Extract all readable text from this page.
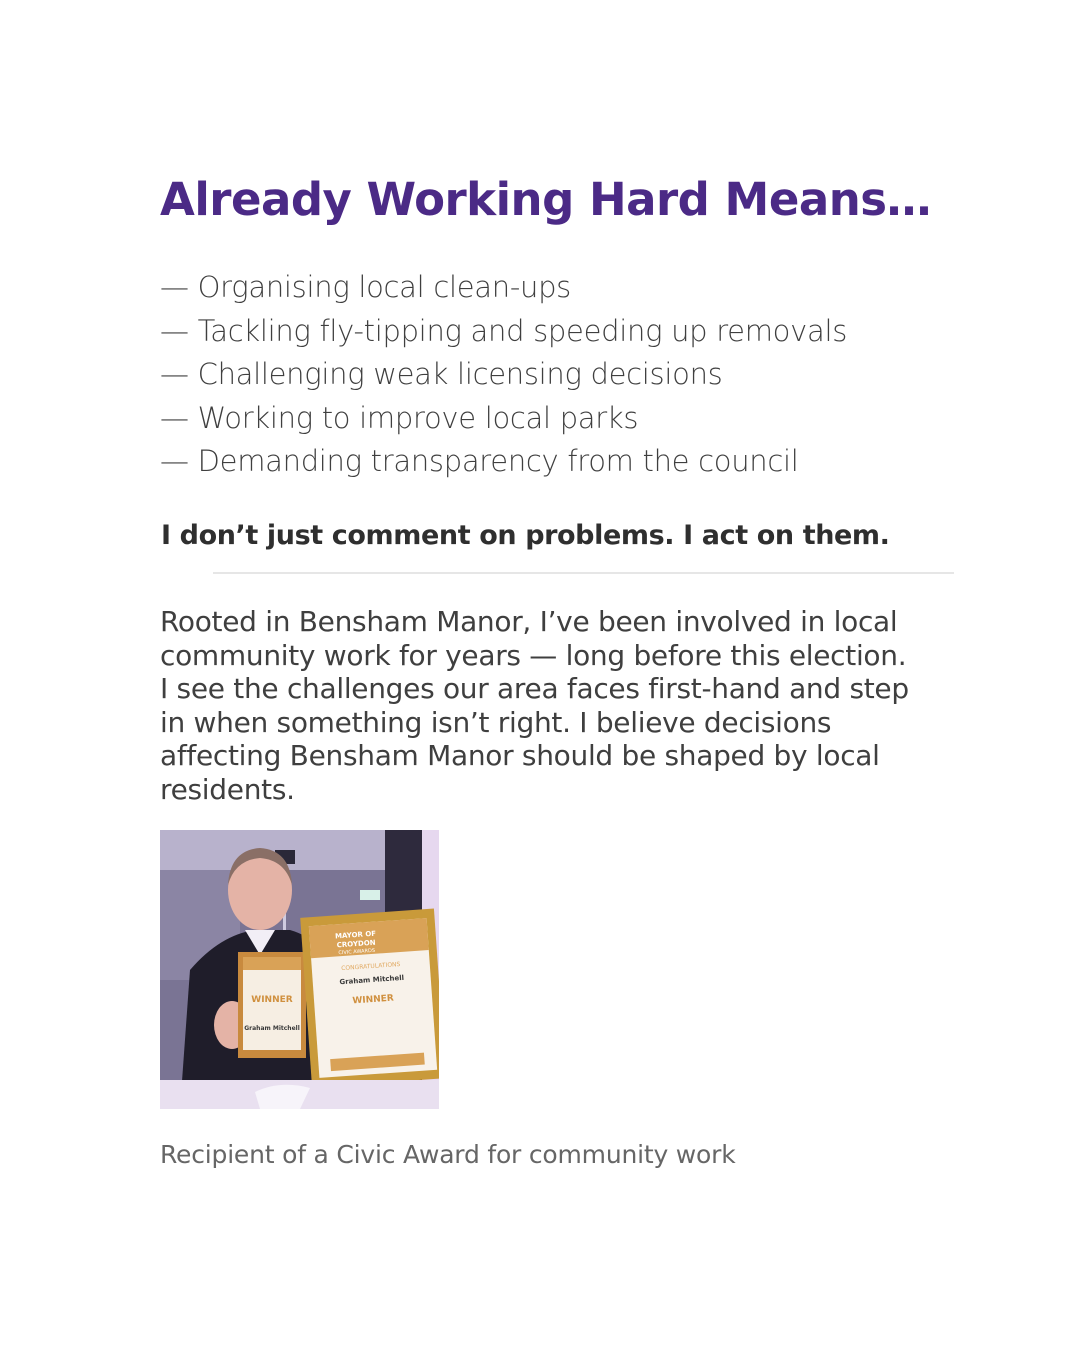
Already Working Hard Means…
— Organising local clean-ups
— Tackling fly-tipping and speeding up removals
— Challenging weak licensing decisions
— Working to improve local parks
— Demanding transparency from the council

I don’t just comment on problems. I act on them.

Rooted in Bensham Manor, I’ve been involved in local community work for years — long before this election. I see the challenges our area faces first-hand and step in when something isn’t right. I believe decisions affecting Bensham Manor should be shaped by local residents.

WINNER
Graham Mitchell
MAYOR OF
CROYDON
CIVIC AWARDS
CONGRATULATIONS
Graham Mitchell
WINNER

Recipient of a Civic Award for community work
